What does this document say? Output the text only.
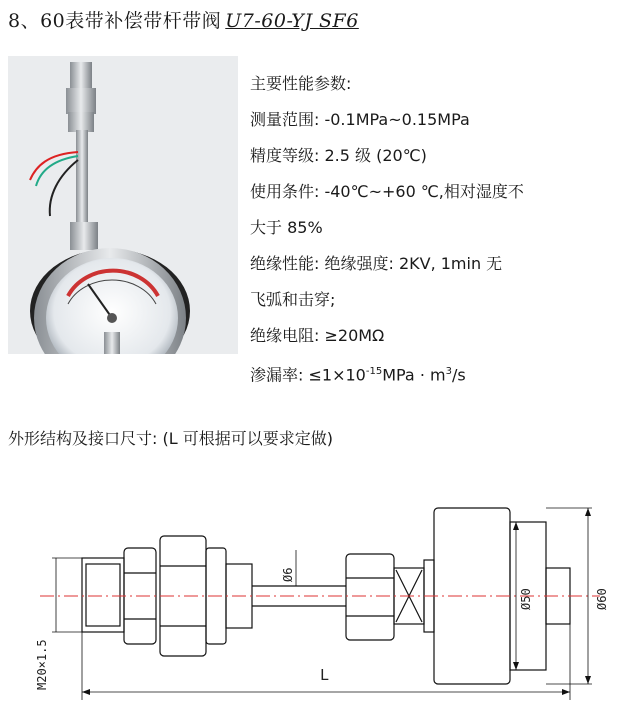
8、60表带补偿带杆带阀 U7-60-YJ SF6
主要性能参数:
测量范围: -0.1MPa~0.15MPa
精度等级: 2.5 级 (20℃)
使用条件: -40℃~+60 ℃,相对湿度不
大于 85%
绝缘性能: 绝缘强度: 2KV, 1min 无
飞弧和击穿;
绝缘电阻: ≥20MΩ
渗漏率: $\le 1\times 10^{-15}MPa \cdot m^3/s$
外形结构及接口尺寸: (L 可根据可以要求定做)
M20×1.5
Ø6
Ø50	Ø60
L
